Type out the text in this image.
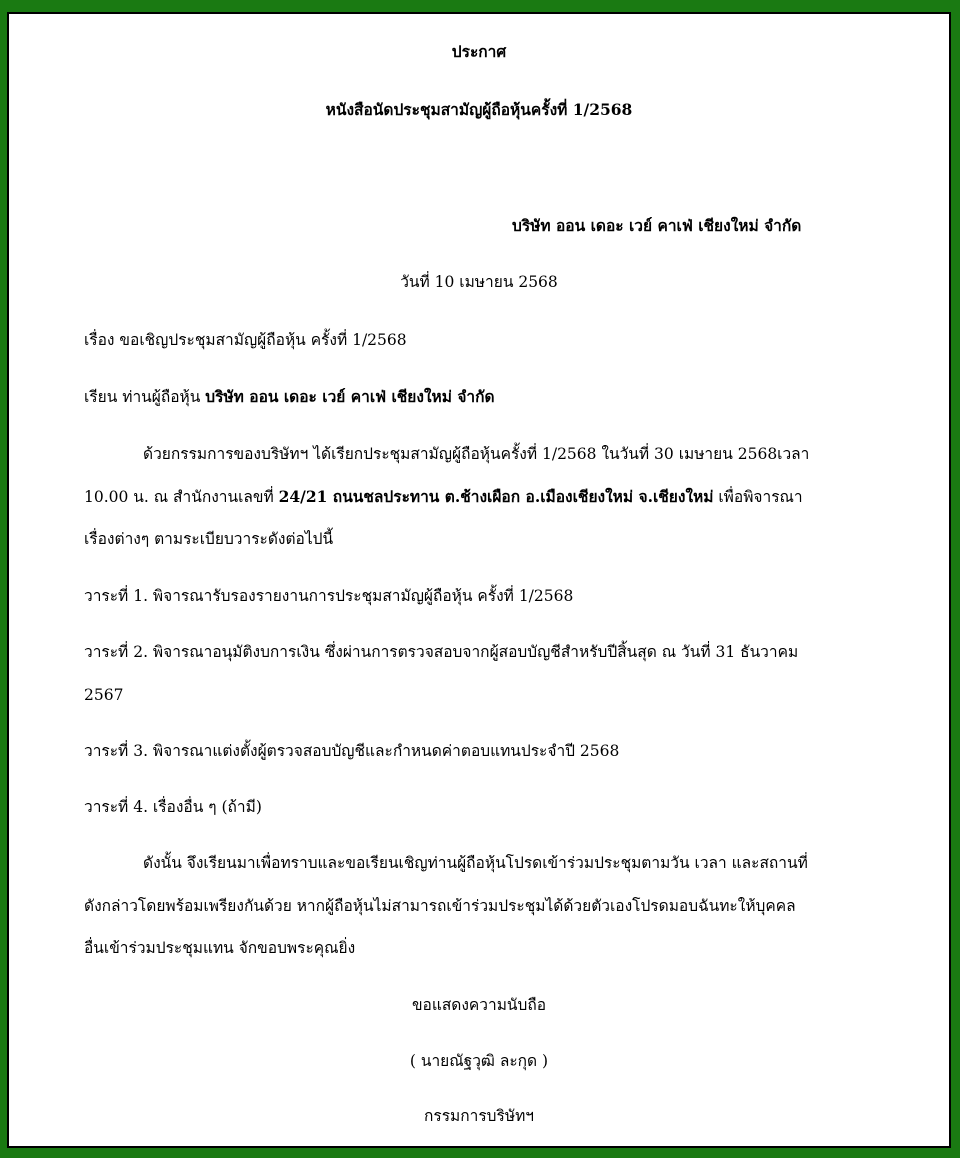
ประกาศ
หนังสือนัดประชุมสามัญผู้ถือหุ้นครั้งที่ 1/2568
บริษัท ออน เดอะ เวย์ คาเฟ่ เชียงใหม่ จำกัด
วันที่ 10 เมษายน 2568
เรื่อง ขอเชิญประชุมสามัญผู้ถือหุ้น ครั้งที่ 1/2568
เรียน ท่านผู้ถือหุ้น บริษัท ออน เดอะ เวย์ คาเฟ่ เชียงใหม่ จำกัด
ด้วยกรรมการของบริษัทฯ ได้เรียกประชุมสามัญผู้ถือหุ้นครั้งที่ 1/2568 ในวันที่ 30 เมษายน 2568เวลา
10.00 น. ณ สำนักงานเลขที่ 24/21 ถนนชลประทาน ต.ช้างเผือก อ.เมืองเชียงใหม่ จ.เชียงใหม่ เพื่อพิจารณา
เรื่องต่างๆ ตามระเบียบวาระดังต่อไปนี้
วาระที่ 1. พิจารณารับรองรายงานการประชุมสามัญผู้ถือหุ้น ครั้งที่ 1/2568
วาระที่ 2. พิจารณาอนุมัติงบการเงิน ซึ่งผ่านการตรวจสอบจากผู้สอบบัญชีสำหรับปีสิ้นสุด ณ วันที่ 31 ธันวาคม
2567
วาระที่ 3. พิจารณาแต่งตั้งผู้ตรวจสอบบัญชีและกำหนดค่าตอบแทนประจำปี 2568
วาระที่ 4. เรื่องอื่น ๆ (ถ้ามี)
ดังนั้น จึงเรียนมาเพื่อทราบและขอเรียนเชิญท่านผู้ถือหุ้นโปรดเข้าร่วมประชุมตามวัน เวลา และสถานที่
ดังกล่าวโดยพร้อมเพรียงกันด้วย หากผู้ถือหุ้นไม่สามารถเข้าร่วมประชุมได้ด้วยตัวเองโปรดมอบฉันทะให้บุคคล
อื่นเข้าร่วมประชุมแทน จักขอบพระคุณยิ่ง
ขอแสดงความนับถือ
( นายณัฐวุฒิ ละกุด )
กรรมการบริษัทฯ
